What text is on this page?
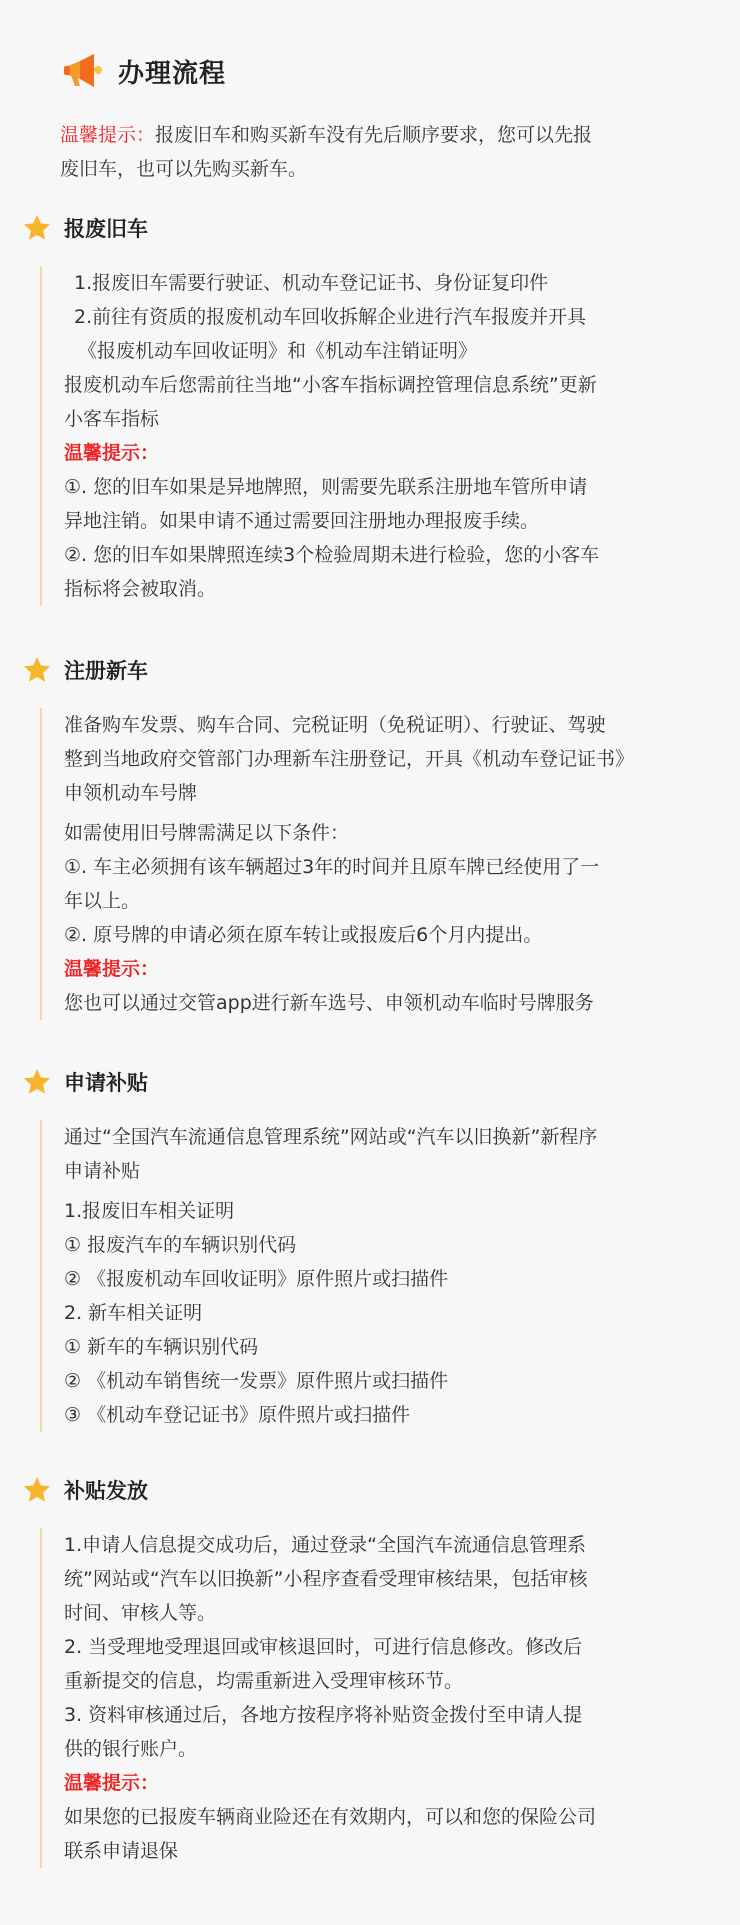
办理流程
温馨提示：报废旧车和购买新车没有先后顺序要求，您可以先报
废旧车，也可以先购买新车。
报废旧车
1.报废旧车需要行驶证、机动车登记证书、身份证复印件
2.前往有资质的报废机动车回收拆解企业进行汽车报废并开具
《报废机动车回收证明》和《机动车注销证明》
报废机动车后您需前往当地“小客车指标调控管理信息系统”更新
小客车指标
温馨提示：
①. 您的旧车如果是异地牌照，则需要先联系注册地车管所申请
异地注销。如果申请不通过需要回注册地办理报废手续。
②. 您的旧车如果牌照连续3个检验周期未进行检验，您的小客车
指标将会被取消。
注册新车
准备购车发票、购车合同、完税证明（免税证明）、行驶证、驾驶
整到当地政府交管部门办理新车注册登记，开具《机动车登记证书》
申领机动车号牌
如需使用旧号牌需满足以下条件：
①. 车主必须拥有该车辆超过3年的时间并且原车牌已经使用了一
年以上。
②. 原号牌的申请必须在原车转让或报废后6个月内提出。
温馨提示：
您也可以通过交管app进行新车选号、申领机动车临时号牌服务
申请补贴
通过“全国汽车流通信息管理系统”网站或“汽车以旧换新”新程序
申请补贴
1.报废旧车相关证明
① 报废汽车的车辆识别代码
② 《报废机动车回收证明》原件照片或扫描件
2. 新车相关证明
① 新车的车辆识别代码
② 《机动车销售统一发票》原件照片或扫描件
③ 《机动车登记证书》原件照片或扫描件
补贴发放
1.申请人信息提交成功后，通过登录“全国汽车流通信息管理系
统”网站或“汽车以旧换新”小程序查看受理审核结果，包括审核
时间、审核人等。
2. 当受理地受理退回或审核退回时，可进行信息修改。修改后
重新提交的信息，均需重新进入受理审核环节。
3. 资料审核通过后，各地方按程序将补贴资金拨付至申请人提
供的银行账户。
温馨提示：
如果您的已报废车辆商业险还在有效期内，可以和您的保险公司
联系申请退保
